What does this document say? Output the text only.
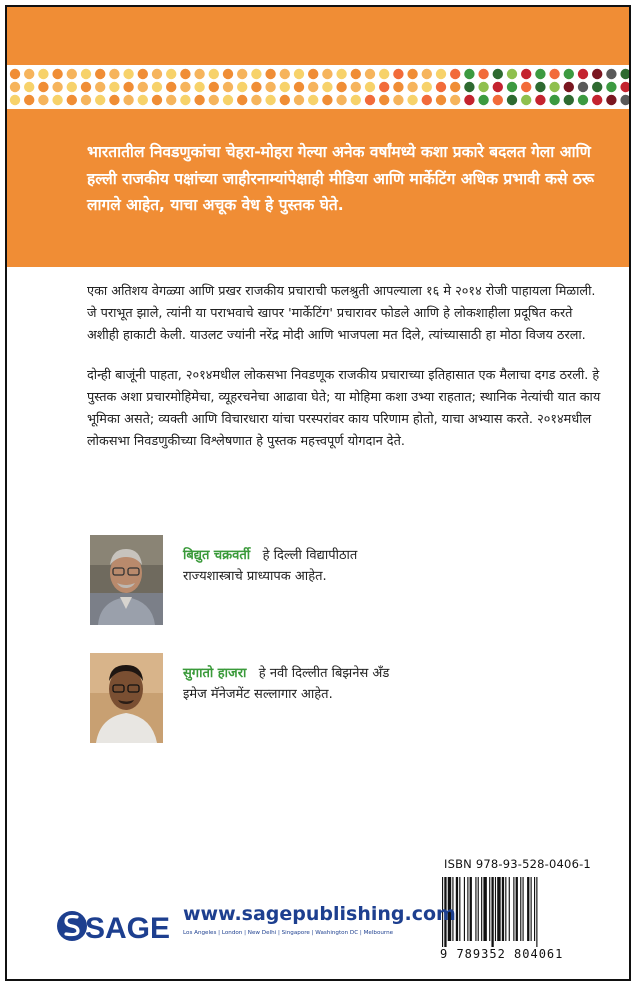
भारतातील निवडणुकांचा चेहरा-मोहरा गेल्या अनेक वर्षांमध्ये कशा प्रकारे बदलत गेला आणि हल्ली राजकीय पक्षांच्या जाहीरनाम्यांपेक्षाही मीडिया आणि मार्केटिंग अधिक प्रभावी कसे ठरू लागले आहेत, याचा अचूक वेध हे पुस्तक घेते.

एका अतिशय वेगळ्या आणि प्रखर राजकीय प्रचाराची फलश्रुती आपल्याला १६ मे २०१४ रोजी पाहायला मिळाली. जे पराभूत झाले, त्यांनी या पराभवाचे खापर 'मार्केटिंग' प्रचारावर फोडले आणि हे लोकशाहीला प्रदूषित करते अशीही हाकाटी केली. याउलट ज्यांनी नरेंद्र मोदी आणि भाजपला मत दिले, त्यांच्यासाठी हा मोठा विजय ठरला.

दोन्ही बाजूंनी पाहता, २०१४मधील लोकसभा निवडणूक राजकीय प्रचाराच्या इतिहासात एक मैलाचा दगड ठरली. हे पुस्तक अशा प्रचारमोहिमेचा, व्यूहरचनेचा आढावा घेते; या मोहिमा कशा उभ्या राहतात; स्थानिक नेत्यांची यात काय भूमिका असते; व्यक्ती आणि विचारधारा यांचा परस्परांवर काय परिणाम होतो, याचा अभ्यास करते. २०१४मधील लोकसभा निवडणुकीच्या विश्लेषणात हे पुस्तक महत्त्वपूर्ण योगदान देते.

बिद्युत चक्रवर्ती हे दिल्ली विद्यापीठात
राज्यशास्त्राचे प्राध्यापक आहेत.
सुगातो हाजरा हे नवी दिल्लीत बिझनेस ॲंड
इमेज मॅनेजमेंट सल्लागार आहेत.
ISBN 978-93-528-0406-1
9 789352 804061
SAGE www.sagepublishing.com
Los Angeles | London | New Delhi | Singapore | Washington DC | Melbourne
